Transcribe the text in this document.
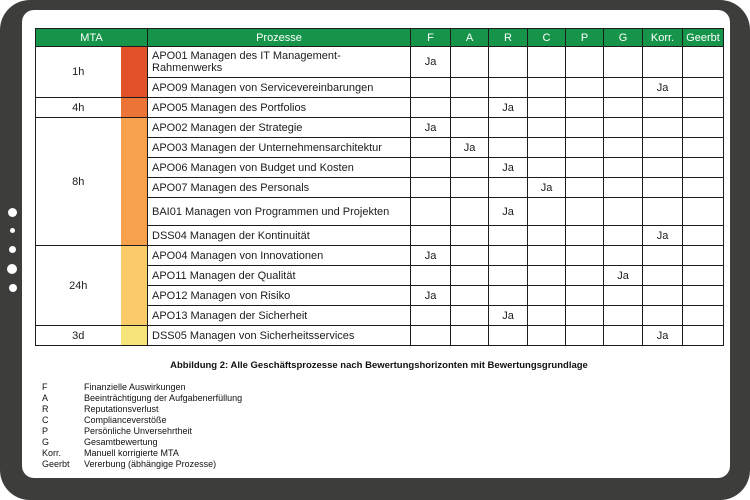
MTA		Prozesse	F	A	R	C	P	G	Korr.	Geerbt
1h		APO01 Managen des IT Management-Rahmenwerks	Ja							
		APO09 Managen von Servicevereinbarungen							Ja	
4h		APO05 Managen des Portfolios			Ja					
8h		APO02 Managen der Strategie	Ja							
		APO03 Managen der Unternehmensarchitektur		Ja						
		APO06 Managen von Budget und Kosten			Ja					
		APO07 Managen des Personals				Ja				
		BAI01 Managen von Programmen und Projekten			Ja					
		DSS04 Managen der Kontinuität							Ja	
24h		APO04 Managen von Innovationen	Ja							
		APO11 Managen der Qualität						Ja		
		APO12 Managen von Risiko	Ja							
		APO13 Managen der Sicherheit			Ja					
3d		DSS05 Managen von Sicherheitsservices							Ja	
Abbildung 2: Alle Geschäftsprozesse nach Bewertungshorizonten mit Bewertungsgrundlage
F	Finanzielle Auswirkungen
A	Beeinträchtigung der Aufgabenerfüllung
R	Reputationsverlust
C	Complianceverstöße
P	Persönliche Unversehrtheit
G	Gesamtbewertung
Korr.	Manuell korrigierte MTA
Geerbt	Vererbung (äbhängige Prozesse)
